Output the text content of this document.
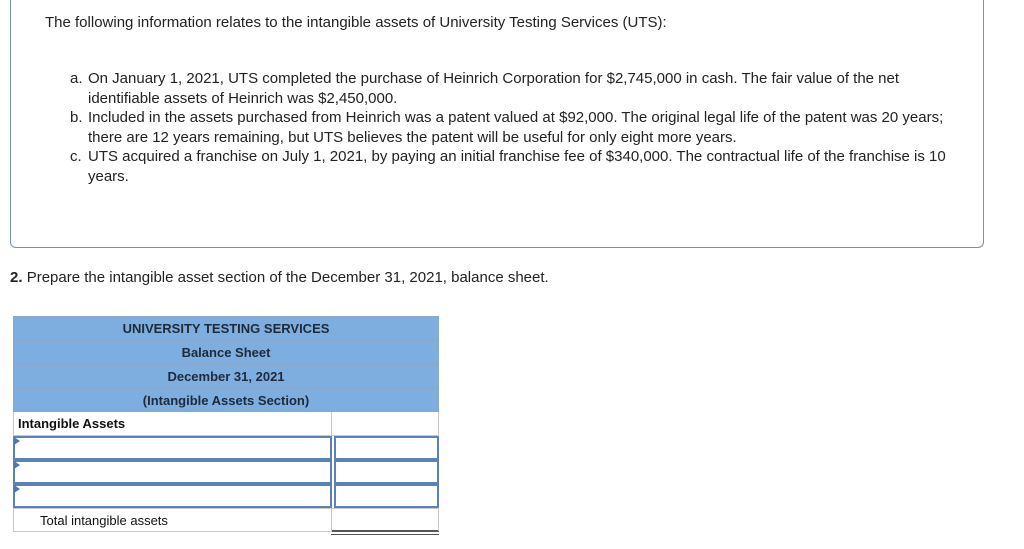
The following information relates to the intangible assets of University Testing Services (UTS):

a. On January 1, 2021, UTS completed the purchase of Heinrich Corporation for $2,745,000 in cash. The fair value of the net identifiable assets of Heinrich was $2,450,000.
b. Included in the assets purchased from Heinrich was a patent valued at $92,000. The original legal life of the patent was 20 years; there are 12 years remaining, but UTS believes the patent will be useful for only eight more years.
c. UTS acquired a franchise on July 1, 2021, by paying an initial franchise fee of $340,000. The contractual life of the franchise is 10 years.

2. Prepare the intangible asset section of the December 31, 2021, balance sheet.

UNIVERSITY TESTING SERVICES
Balance Sheet
December 31, 2021
(Intangible Assets Section)
Intangible Assets
Total intangible assets
